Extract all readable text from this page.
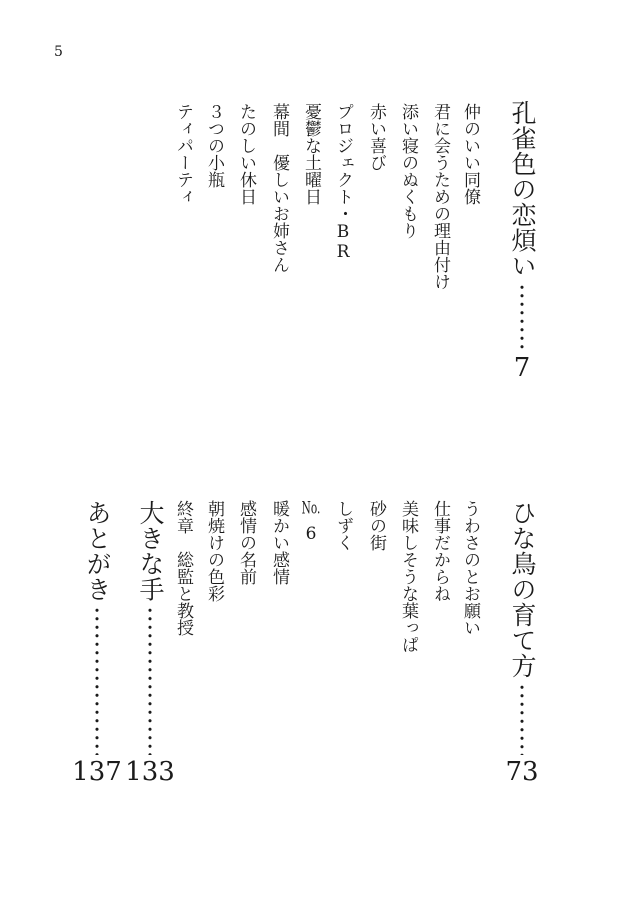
5
孔雀色の恋煩い
7
仲のいい同僚
君に会うための理由付け
添い寝のぬくもり
赤い喜び
プロジェクト・BR
憂鬱な土曜日
幕間　優しいお姉さん
たのしい休日
３つの小瓶
ティパーティ
ひな鳥の育て方
73
うわさのとお願い
仕事だからね
美味しそうな葉っぱ
砂の街
しずく
No.6
暖かい感情
感情の名前
朝焼けの色彩
終章　総監と教授
大きな手
133
あとがき
137
